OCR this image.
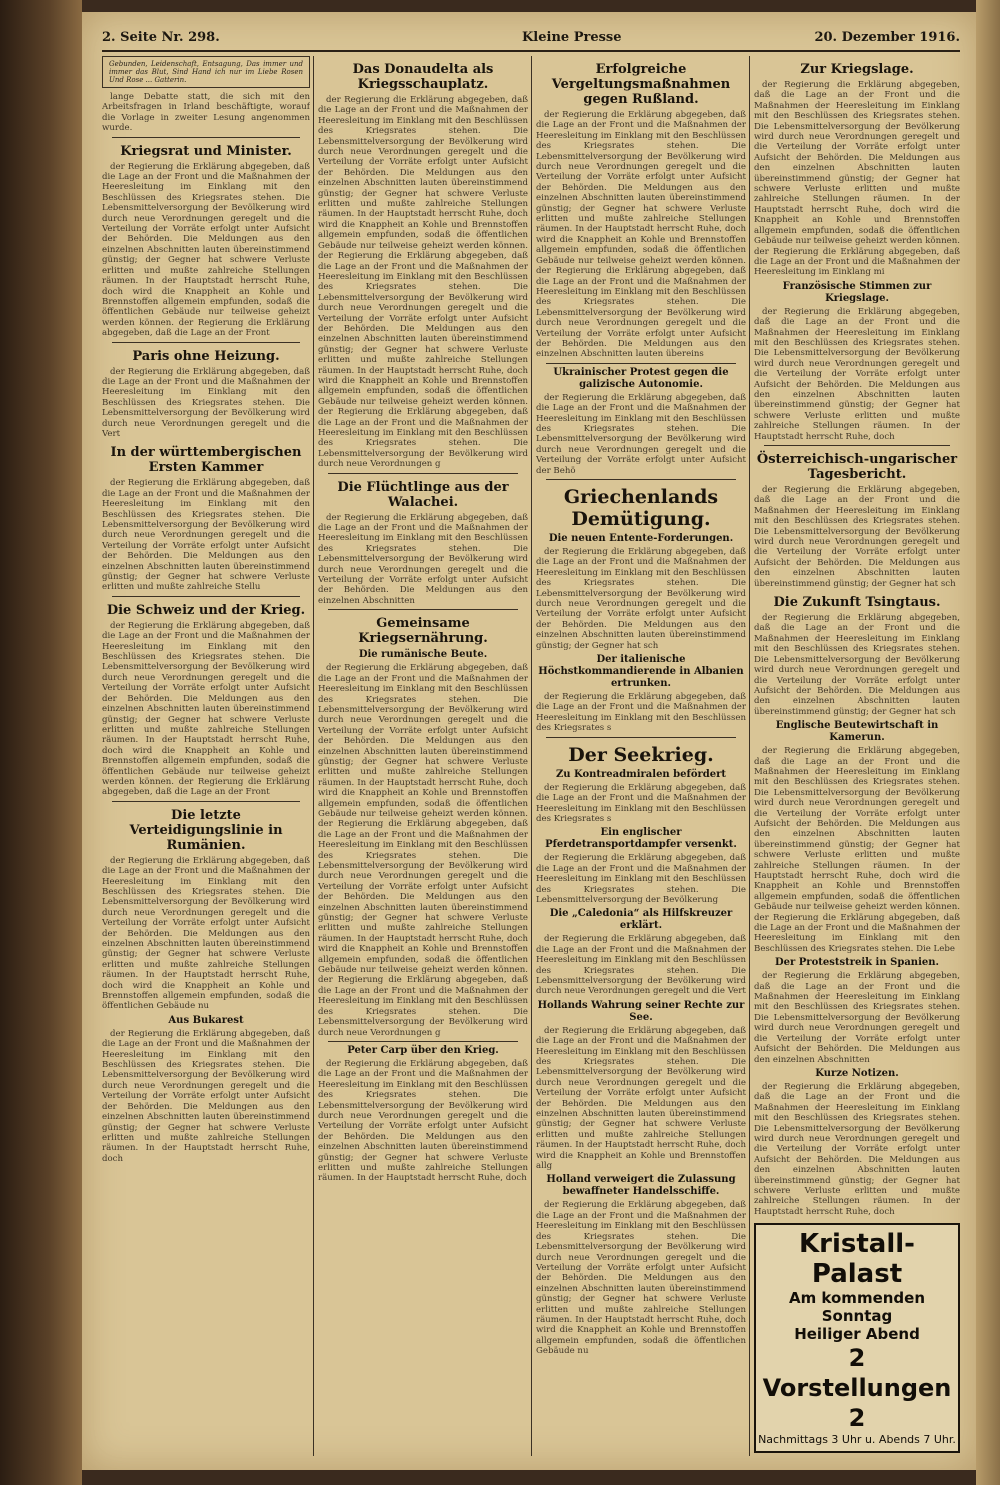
2. Seite Nr. 298.	Kleine Presse	20. Dezember 1916.
Gebunden, Leidenschaft, Entsagung, Das immer und immer das Blut, Sind Hand ich nur im Liebe Rosen Und Rose ... Gatterin.

lange Debatte statt, die sich mit den Arbeitsfragen in Irland beschäftigte, worauf die Vorlage in zweiter Lesung angenommen wurde.

Kriegsrat und Minister.

der Regierung die Erklärung abgegeben, daß die Lage an der Front und die Maßnahmen der Heeresleitung im Einklang mit den Beschlüssen des Kriegsrates stehen. Die Lebensmittelversorgung der Bevölkerung wird durch neue Verordnungen geregelt und die Verteilung der Vorräte erfolgt unter Aufsicht der Behörden. Die Meldungen aus den einzelnen Abschnitten lauten übereinstimmend günstig; der Gegner hat schwere Verluste erlitten und mußte zahlreiche Stellungen räumen. In der Hauptstadt herrscht Ruhe, doch wird die Knappheit an Kohle und Brennstoffen allgemein empfunden, sodaß die öffentlichen Gebäude nur teilweise geheizt werden können. der Regierung die Erklärung abgegeben, daß die Lage an der Front

Paris ohne Heizung.

der Regierung die Erklärung abgegeben, daß die Lage an der Front und die Maßnahmen der Heeresleitung im Einklang mit den Beschlüssen des Kriegsrates stehen. Die Lebensmittelversorgung der Bevölkerung wird durch neue Verordnungen geregelt und die Vert

In der württembergischen Ersten Kammer

der Regierung die Erklärung abgegeben, daß die Lage an der Front und die Maßnahmen der Heeresleitung im Einklang mit den Beschlüssen des Kriegsrates stehen. Die Lebensmittelversorgung der Bevölkerung wird durch neue Verordnungen geregelt und die Verteilung der Vorräte erfolgt unter Aufsicht der Behörden. Die Meldungen aus den einzelnen Abschnitten lauten übereinstimmend günstig; der Gegner hat schwere Verluste erlitten und mußte zahlreiche Stellu

Die Schweiz und der Krieg.

der Regierung die Erklärung abgegeben, daß die Lage an der Front und die Maßnahmen der Heeresleitung im Einklang mit den Beschlüssen des Kriegsrates stehen. Die Lebensmittelversorgung der Bevölkerung wird durch neue Verordnungen geregelt und die Verteilung der Vorräte erfolgt unter Aufsicht der Behörden. Die Meldungen aus den einzelnen Abschnitten lauten übereinstimmend günstig; der Gegner hat schwere Verluste erlitten und mußte zahlreiche Stellungen räumen. In der Hauptstadt herrscht Ruhe, doch wird die Knappheit an Kohle und Brennstoffen allgemein empfunden, sodaß die öffentlichen Gebäude nur teilweise geheizt werden können. der Regierung die Erklärung abgegeben, daß die Lage an der Front

Die letzte Verteidigungslinie in Rumänien.

der Regierung die Erklärung abgegeben, daß die Lage an der Front und die Maßnahmen der Heeresleitung im Einklang mit den Beschlüssen des Kriegsrates stehen. Die Lebensmittelversorgung der Bevölkerung wird durch neue Verordnungen geregelt und die Verteilung der Vorräte erfolgt unter Aufsicht der Behörden. Die Meldungen aus den einzelnen Abschnitten lauten übereinstimmend günstig; der Gegner hat schwere Verluste erlitten und mußte zahlreiche Stellungen räumen. In der Hauptstadt herrscht Ruhe, doch wird die Knappheit an Kohle und Brennstoffen allgemein empfunden, sodaß die öffentlichen Gebäude nu

Aus Bukarest

der Regierung die Erklärung abgegeben, daß die Lage an der Front und die Maßnahmen der Heeresleitung im Einklang mit den Beschlüssen des Kriegsrates stehen. Die Lebensmittelversorgung der Bevölkerung wird durch neue Verordnungen geregelt und die Verteilung der Vorräte erfolgt unter Aufsicht der Behörden. Die Meldungen aus den einzelnen Abschnitten lauten übereinstimmend günstig; der Gegner hat schwere Verluste erlitten und mußte zahlreiche Stellungen räumen. In der Hauptstadt herrscht Ruhe, doch

Das Donaudelta als Kriegsschauplatz.

der Regierung die Erklärung abgegeben, daß die Lage an der Front und die Maßnahmen der Heeresleitung im Einklang mit den Beschlüssen des Kriegsrates stehen. Die Lebensmittelversorgung der Bevölkerung wird durch neue Verordnungen geregelt und die Verteilung der Vorräte erfolgt unter Aufsicht der Behörden. Die Meldungen aus den einzelnen Abschnitten lauten übereinstimmend günstig; der Gegner hat schwere Verluste erlitten und mußte zahlreiche Stellungen räumen. In der Hauptstadt herrscht Ruhe, doch wird die Knappheit an Kohle und Brennstoffen allgemein empfunden, sodaß die öffentlichen Gebäude nur teilweise geheizt werden können. der Regierung die Erklärung abgegeben, daß die Lage an der Front und die Maßnahmen der Heeresleitung im Einklang mit den Beschlüssen des Kriegsrates stehen. Die Lebensmittelversorgung der Bevölkerung wird durch neue Verordnungen geregelt und die Verteilung der Vorräte erfolgt unter Aufsicht der Behörden. Die Meldungen aus den einzelnen Abschnitten lauten übereinstimmend günstig; der Gegner hat schwere Verluste erlitten und mußte zahlreiche Stellungen räumen. In der Hauptstadt herrscht Ruhe, doch wird die Knappheit an Kohle und Brennstoffen allgemein empfunden, sodaß die öffentlichen Gebäude nur teilweise geheizt werden können. der Regierung die Erklärung abgegeben, daß die Lage an der Front und die Maßnahmen der Heeresleitung im Einklang mit den Beschlüssen des Kriegsrates stehen. Die Lebensmittelversorgung der Bevölkerung wird durch neue Verordnungen g

Die Flüchtlinge aus der Walachei.

der Regierung die Erklärung abgegeben, daß die Lage an der Front und die Maßnahmen der Heeresleitung im Einklang mit den Beschlüssen des Kriegsrates stehen. Die Lebensmittelversorgung der Bevölkerung wird durch neue Verordnungen geregelt und die Verteilung der Vorräte erfolgt unter Aufsicht der Behörden. Die Meldungen aus den einzelnen Abschnitten

Gemeinsame Kriegsernährung.
Die rumänische Beute.

der Regierung die Erklärung abgegeben, daß die Lage an der Front und die Maßnahmen der Heeresleitung im Einklang mit den Beschlüssen des Kriegsrates stehen. Die Lebensmittelversorgung der Bevölkerung wird durch neue Verordnungen geregelt und die Verteilung der Vorräte erfolgt unter Aufsicht der Behörden. Die Meldungen aus den einzelnen Abschnitten lauten übereinstimmend günstig; der Gegner hat schwere Verluste erlitten und mußte zahlreiche Stellungen räumen. In der Hauptstadt herrscht Ruhe, doch wird die Knappheit an Kohle und Brennstoffen allgemein empfunden, sodaß die öffentlichen Gebäude nur teilweise geheizt werden können. der Regierung die Erklärung abgegeben, daß die Lage an der Front und die Maßnahmen der Heeresleitung im Einklang mit den Beschlüssen des Kriegsrates stehen. Die Lebensmittelversorgung der Bevölkerung wird durch neue Verordnungen geregelt und die Verteilung der Vorräte erfolgt unter Aufsicht der Behörden. Die Meldungen aus den einzelnen Abschnitten lauten übereinstimmend günstig; der Gegner hat schwere Verluste erlitten und mußte zahlreiche Stellungen räumen. In der Hauptstadt herrscht Ruhe, doch wird die Knappheit an Kohle und Brennstoffen allgemein empfunden, sodaß die öffentlichen Gebäude nur teilweise geheizt werden können. der Regierung die Erklärung abgegeben, daß die Lage an der Front und die Maßnahmen der Heeresleitung im Einklang mit den Beschlüssen des Kriegsrates stehen. Die Lebensmittelversorgung der Bevölkerung wird durch neue Verordnungen g

Peter Carp über den Krieg.

der Regierung die Erklärung abgegeben, daß die Lage an der Front und die Maßnahmen der Heeresleitung im Einklang mit den Beschlüssen des Kriegsrates stehen. Die Lebensmittelversorgung der Bevölkerung wird durch neue Verordnungen geregelt und die Verteilung der Vorräte erfolgt unter Aufsicht der Behörden. Die Meldungen aus den einzelnen Abschnitten lauten übereinstimmend günstig; der Gegner hat schwere Verluste erlitten und mußte zahlreiche Stellungen räumen. In der Hauptstadt herrscht Ruhe, doch

Erfolgreiche Vergeltungsmaßnahmen gegen Rußland.

der Regierung die Erklärung abgegeben, daß die Lage an der Front und die Maßnahmen der Heeresleitung im Einklang mit den Beschlüssen des Kriegsrates stehen. Die Lebensmittelversorgung der Bevölkerung wird durch neue Verordnungen geregelt und die Verteilung der Vorräte erfolgt unter Aufsicht der Behörden. Die Meldungen aus den einzelnen Abschnitten lauten übereinstimmend günstig; der Gegner hat schwere Verluste erlitten und mußte zahlreiche Stellungen räumen. In der Hauptstadt herrscht Ruhe, doch wird die Knappheit an Kohle und Brennstoffen allgemein empfunden, sodaß die öffentlichen Gebäude nur teilweise geheizt werden können. der Regierung die Erklärung abgegeben, daß die Lage an der Front und die Maßnahmen der Heeresleitung im Einklang mit den Beschlüssen des Kriegsrates stehen. Die Lebensmittelversorgung der Bevölkerung wird durch neue Verordnungen geregelt und die Verteilung der Vorräte erfolgt unter Aufsicht der Behörden. Die Meldungen aus den einzelnen Abschnitten lauten übereins

Ukrainischer Protest gegen die galizische Autonomie.

der Regierung die Erklärung abgegeben, daß die Lage an der Front und die Maßnahmen der Heeresleitung im Einklang mit den Beschlüssen des Kriegsrates stehen. Die Lebensmittelversorgung der Bevölkerung wird durch neue Verordnungen geregelt und die Verteilung der Vorräte erfolgt unter Aufsicht der Behö

Griechenlands Demütigung.
Die neuen Entente-Forderungen.

der Regierung die Erklärung abgegeben, daß die Lage an der Front und die Maßnahmen der Heeresleitung im Einklang mit den Beschlüssen des Kriegsrates stehen. Die Lebensmittelversorgung der Bevölkerung wird durch neue Verordnungen geregelt und die Verteilung der Vorräte erfolgt unter Aufsicht der Behörden. Die Meldungen aus den einzelnen Abschnitten lauten übereinstimmend günstig; der Gegner hat sch

Der italienische Höchstkommandierende in Albanien ertrunken.

der Regierung die Erklärung abgegeben, daß die Lage an der Front und die Maßnahmen der Heeresleitung im Einklang mit den Beschlüssen des Kriegsrates s

Der Seekrieg.
Zu Kontreadmiralen befördert

der Regierung die Erklärung abgegeben, daß die Lage an der Front und die Maßnahmen der Heeresleitung im Einklang mit den Beschlüssen des Kriegsrates s

Ein englischer Pferdetransportdampfer versenkt.

der Regierung die Erklärung abgegeben, daß die Lage an der Front und die Maßnahmen der Heeresleitung im Einklang mit den Beschlüssen des Kriegsrates stehen. Die Lebensmittelversorgung der Bevölkerung

Die „Caledonia“ als Hilfskreuzer erklärt.

der Regierung die Erklärung abgegeben, daß die Lage an der Front und die Maßnahmen der Heeresleitung im Einklang mit den Beschlüssen des Kriegsrates stehen. Die Lebensmittelversorgung der Bevölkerung wird durch neue Verordnungen geregelt und die Vert

Hollands Wahrung seiner Rechte zur See.

der Regierung die Erklärung abgegeben, daß die Lage an der Front und die Maßnahmen der Heeresleitung im Einklang mit den Beschlüssen des Kriegsrates stehen. Die Lebensmittelversorgung der Bevölkerung wird durch neue Verordnungen geregelt und die Verteilung der Vorräte erfolgt unter Aufsicht der Behörden. Die Meldungen aus den einzelnen Abschnitten lauten übereinstimmend günstig; der Gegner hat schwere Verluste erlitten und mußte zahlreiche Stellungen räumen. In der Hauptstadt herrscht Ruhe, doch wird die Knappheit an Kohle und Brennstoffen allg

Holland verweigert die Zulassung bewaffneter Handelsschiffe.

der Regierung die Erklärung abgegeben, daß die Lage an der Front und die Maßnahmen der Heeresleitung im Einklang mit den Beschlüssen des Kriegsrates stehen. Die Lebensmittelversorgung der Bevölkerung wird durch neue Verordnungen geregelt und die Verteilung der Vorräte erfolgt unter Aufsicht der Behörden. Die Meldungen aus den einzelnen Abschnitten lauten übereinstimmend günstig; der Gegner hat schwere Verluste erlitten und mußte zahlreiche Stellungen räumen. In der Hauptstadt herrscht Ruhe, doch wird die Knappheit an Kohle und Brennstoffen allgemein empfunden, sodaß die öffentlichen Gebäude nu

Zur Kriegslage.

der Regierung die Erklärung abgegeben, daß die Lage an der Front und die Maßnahmen der Heeresleitung im Einklang mit den Beschlüssen des Kriegsrates stehen. Die Lebensmittelversorgung der Bevölkerung wird durch neue Verordnungen geregelt und die Verteilung der Vorräte erfolgt unter Aufsicht der Behörden. Die Meldungen aus den einzelnen Abschnitten lauten übereinstimmend günstig; der Gegner hat schwere Verluste erlitten und mußte zahlreiche Stellungen räumen. In der Hauptstadt herrscht Ruhe, doch wird die Knappheit an Kohle und Brennstoffen allgemein empfunden, sodaß die öffentlichen Gebäude nur teilweise geheizt werden können. der Regierung die Erklärung abgegeben, daß die Lage an der Front und die Maßnahmen der Heeresleitung im Einklang mi

Französische Stimmen zur Kriegslage.

der Regierung die Erklärung abgegeben, daß die Lage an der Front und die Maßnahmen der Heeresleitung im Einklang mit den Beschlüssen des Kriegsrates stehen. Die Lebensmittelversorgung der Bevölkerung wird durch neue Verordnungen geregelt und die Verteilung der Vorräte erfolgt unter Aufsicht der Behörden. Die Meldungen aus den einzelnen Abschnitten lauten übereinstimmend günstig; der Gegner hat schwere Verluste erlitten und mußte zahlreiche Stellungen räumen. In der Hauptstadt herrscht Ruhe, doch

Österreichisch-ungarischer Tagesbericht.

der Regierung die Erklärung abgegeben, daß die Lage an der Front und die Maßnahmen der Heeresleitung im Einklang mit den Beschlüssen des Kriegsrates stehen. Die Lebensmittelversorgung der Bevölkerung wird durch neue Verordnungen geregelt und die Verteilung der Vorräte erfolgt unter Aufsicht der Behörden. Die Meldungen aus den einzelnen Abschnitten lauten übereinstimmend günstig; der Gegner hat sch

Die Zukunft Tsingtaus.

der Regierung die Erklärung abgegeben, daß die Lage an der Front und die Maßnahmen der Heeresleitung im Einklang mit den Beschlüssen des Kriegsrates stehen. Die Lebensmittelversorgung der Bevölkerung wird durch neue Verordnungen geregelt und die Verteilung der Vorräte erfolgt unter Aufsicht der Behörden. Die Meldungen aus den einzelnen Abschnitten lauten übereinstimmend günstig; der Gegner hat sch

Englische Beutewirtschaft in Kamerun.

der Regierung die Erklärung abgegeben, daß die Lage an der Front und die Maßnahmen der Heeresleitung im Einklang mit den Beschlüssen des Kriegsrates stehen. Die Lebensmittelversorgung der Bevölkerung wird durch neue Verordnungen geregelt und die Verteilung der Vorräte erfolgt unter Aufsicht der Behörden. Die Meldungen aus den einzelnen Abschnitten lauten übereinstimmend günstig; der Gegner hat schwere Verluste erlitten und mußte zahlreiche Stellungen räumen. In der Hauptstadt herrscht Ruhe, doch wird die Knappheit an Kohle und Brennstoffen allgemein empfunden, sodaß die öffentlichen Gebäude nur teilweise geheizt werden können. der Regierung die Erklärung abgegeben, daß die Lage an der Front und die Maßnahmen der Heeresleitung im Einklang mit den Beschlüssen des Kriegsrates stehen. Die Lebe

Der Proteststreik in Spanien.

der Regierung die Erklärung abgegeben, daß die Lage an der Front und die Maßnahmen der Heeresleitung im Einklang mit den Beschlüssen des Kriegsrates stehen. Die Lebensmittelversorgung der Bevölkerung wird durch neue Verordnungen geregelt und die Verteilung der Vorräte erfolgt unter Aufsicht der Behörden. Die Meldungen aus den einzelnen Abschnitten

Kurze Notizen.

der Regierung die Erklärung abgegeben, daß die Lage an der Front und die Maßnahmen der Heeresleitung im Einklang mit den Beschlüssen des Kriegsrates stehen. Die Lebensmittelversorgung der Bevölkerung wird durch neue Verordnungen geregelt und die Verteilung der Vorräte erfolgt unter Aufsicht der Behörden. Die Meldungen aus den einzelnen Abschnitten lauten übereinstimmend günstig; der Gegner hat schwere Verluste erlitten und mußte zahlreiche Stellungen räumen. In der Hauptstadt herrscht Ruhe, doch

Kristall-Palast
Am kommenden Sonntag
Heiliger Abend
2 Vorstellungen 2
Nachmittags 3 Uhr u. Abends 7 Uhr.
